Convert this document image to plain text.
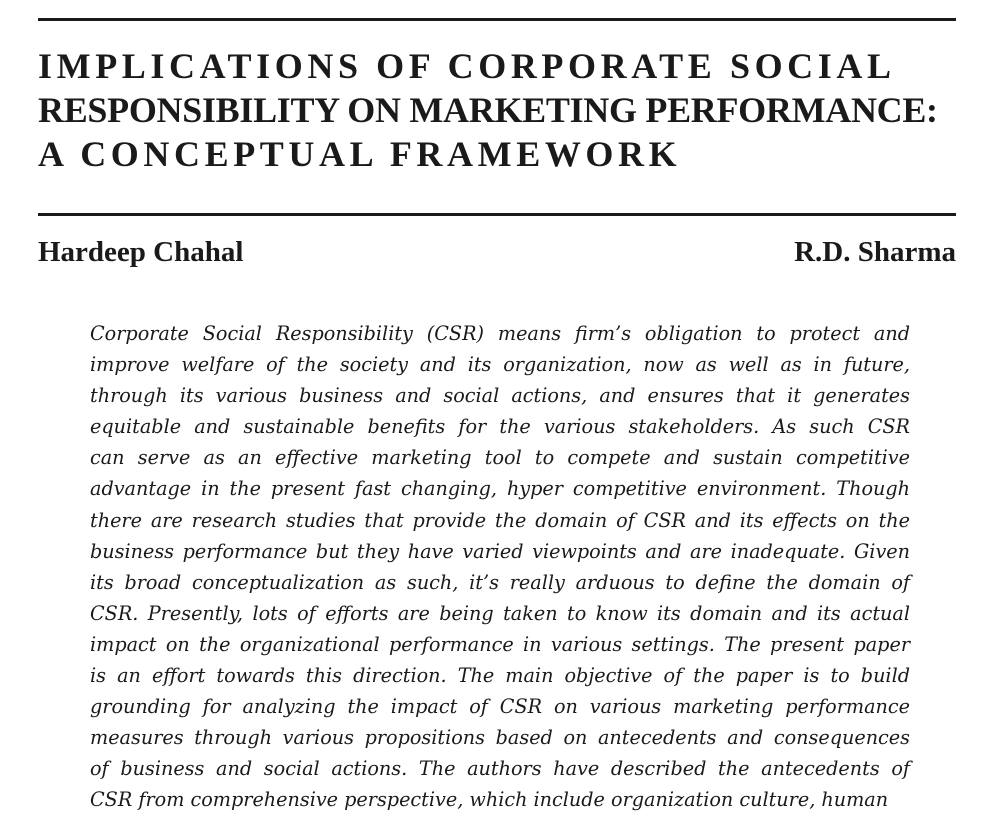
IMPLICATIONS OF CORPORATE SOCIAL
RESPONSIBILITY ON MARKETING PERFORMANCE:
A CONCEPTUAL FRAMEWORK
Hardeep Chahal	R.D. Sharma

Corporate Social Responsibility (CSR) means firm’s obligation to protect and
improve welfare of the society and its organization, now as well as in future,
through its various business and social actions, and ensures that it generates
equitable and sustainable benefits for the various stakeholders. As such CSR
can serve as an effective marketing tool to compete and sustain competitive
advantage in the present fast changing, hyper competitive environment. Though
there are research studies that provide the domain of CSR and its effects on the
business performance but they have varied viewpoints and are inadequate. Given
its broad conceptualization as such, it’s really arduous to define the domain of
CSR. Presently, lots of efforts are being taken to know its domain and its actual
impact on the organizational performance in various settings. The present paper
is an effort towards this direction. The main objective of the paper is to build
grounding for analyzing the impact of CSR on various marketing performance
measures through various propositions based on antecedents and consequences
of business and social actions. The authors have described the antecedents of
CSR from comprehensive perspective, which include organization culture, human
